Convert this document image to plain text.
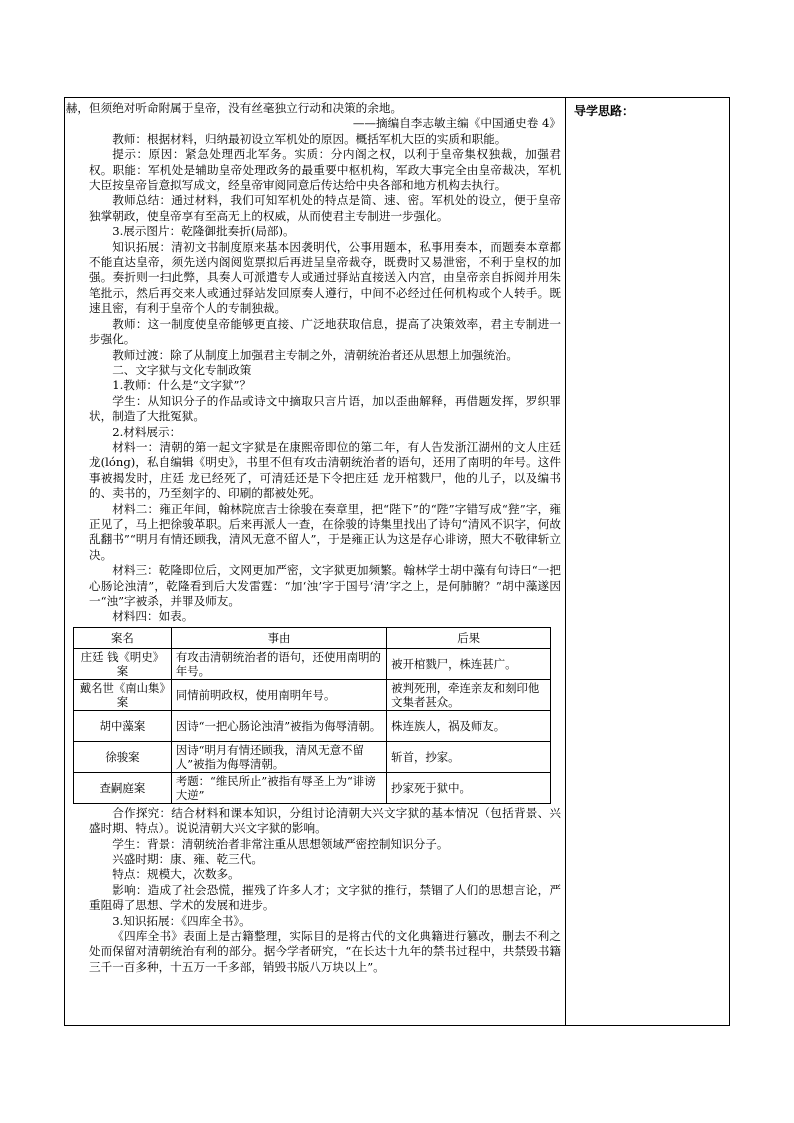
赫，但须绝对听命附属于皇帝，没有丝毫独立行动和决策的余地。

——摘编自李志敏主编《中国通史卷 4》

教师：根据材料，归纳最初设立军机处的原因。概括军机大臣的实质和职能。

提示：原因：紧急处理西北军务。实质：分内阁之权，以利于皇帝集权独裁，加强君权。职能：军机处是辅助皇帝处理政务的最重要中枢机构，军政大事完全由皇帝裁决，军机大臣按皇帝旨意拟写成文，经皇帝审阅同意后传达给中央各部和地方机构去执行。

教师总结：通过材料，我们可知军机处的特点是简、速、密。军机处的设立，便于皇帝独掌朝政，使皇帝享有至高无上的权威，从而使君主专制进一步强化。

3.展示图片：乾隆御批奏折(局部)。

知识拓展：清初文书制度原来基本因袭明代，公事用题本，私事用奏本，而题奏本章都不能直达皇帝，须先送内阁阅览票拟后再进呈皇帝裁夺，既费时又易泄密，不利于皇权的加强。奏折则一扫此弊，具奏人可派遣专人或通过驿站直接送入内宫，由皇帝亲自拆阅并用朱笔批示，然后再交来人或通过驿站发回原奏人遵行，中间不必经过任何机构或个人转手。既速且密，有利于皇帝个人的专制独裁。

教师：这一制度使皇帝能够更直接、广泛地获取信息，提高了决策效率，君主专制进一步强化。

教师过渡：除了从制度上加强君主专制之外，清朝统治者还从思想上加强统治。

二、文字狱与文化专制政策

1.教师：什么是“文字狱”？

学生：从知识分子的作品或诗文中摘取只言片语，加以歪曲解释，再借题发挥，罗织罪状，制造了大批冤狱。

2.材料展示：

材料一：清朝的第一起文字狱是在康熙帝即位的第二年，有人告发浙江湖州的文人庄廷 龙(lóng)，私自编辑《明史》，书里不但有攻击清朝统治者的语句，还用了南明的年号。这件事被揭发时，庄廷 龙已经死了，可清廷还是下令把庄廷 龙开棺戮尸，他的儿子，以及编书的、卖书的，乃至刻字的、印刷的都被处死。

材料二：雍正年间，翰林院庶吉士徐骏在奏章里，把“陛下”的“陛”字错写成“狴”字，雍正见了，马上把徐骏革职。后来再派人一查，在徐骏的诗集里找出了诗句“清风不识字，何故乱翻书”“明月有情还顾我，清风无意不留人”，于是雍正认为这是存心诽谤，照大不敬律斩立决。

材料三：乾隆即位后，文网更加严密，文字狱更加频繁。翰林学士胡中藻有句诗曰“一把心肠论浊清”，乾隆看到后大发雷霆：“加‘浊’字于国号‘清’字之上，是何肺腑？”胡中藻遂因一“浊”字被杀，并罪及师友。

材料四：如表。

案名	事由	后果
庄廷 钱《明史》案	有攻击清朝统治者的语句，还使用南明的年号。	被开棺戮尸，株连甚广。
戴名世《南山集》案	同情前明政权，使用南明年号。	被判死刑，牵连亲友和刻印他文集者甚众。
胡中藻案	因诗“一把心肠论浊清”被指为侮辱清朝。	株连族人，祸及师友。
徐骏案	因诗“明月有情还顾我，清风无意不留人”被指为侮辱清朝。	斩首，抄家。
查嗣庭案	考题：“维民所止”被指有辱圣上为“诽谤大逆”	抄家死于狱中。

合作探究：结合材料和课本知识，分组讨论清朝大兴文字狱的基本情况（包括背景、兴盛时期、特点）。说说清朝大兴文字狱的影响。

学生：背景：清朝统治者非常注重从思想领域严密控制知识分子。

兴盛时期：康、雍、乾三代。

特点：规模大，次数多。

影响：造成了社会恐慌，摧残了许多人才；文字狱的推行，禁锢了人们的思想言论，严重阻碍了思想、学术的发展和进步。

3.知识拓展：《四库全书》。

《四库全书》表面上是古籍整理，实际目的是将古代的文化典籍进行篡改，删去不利之处而保留对清朝统治有利的部分。据今学者研究，“在长达十九年的禁书过程中，共禁毁书籍三千一百多种，十五万一千多部，销毁书版八万块以上”。

导学思路：
